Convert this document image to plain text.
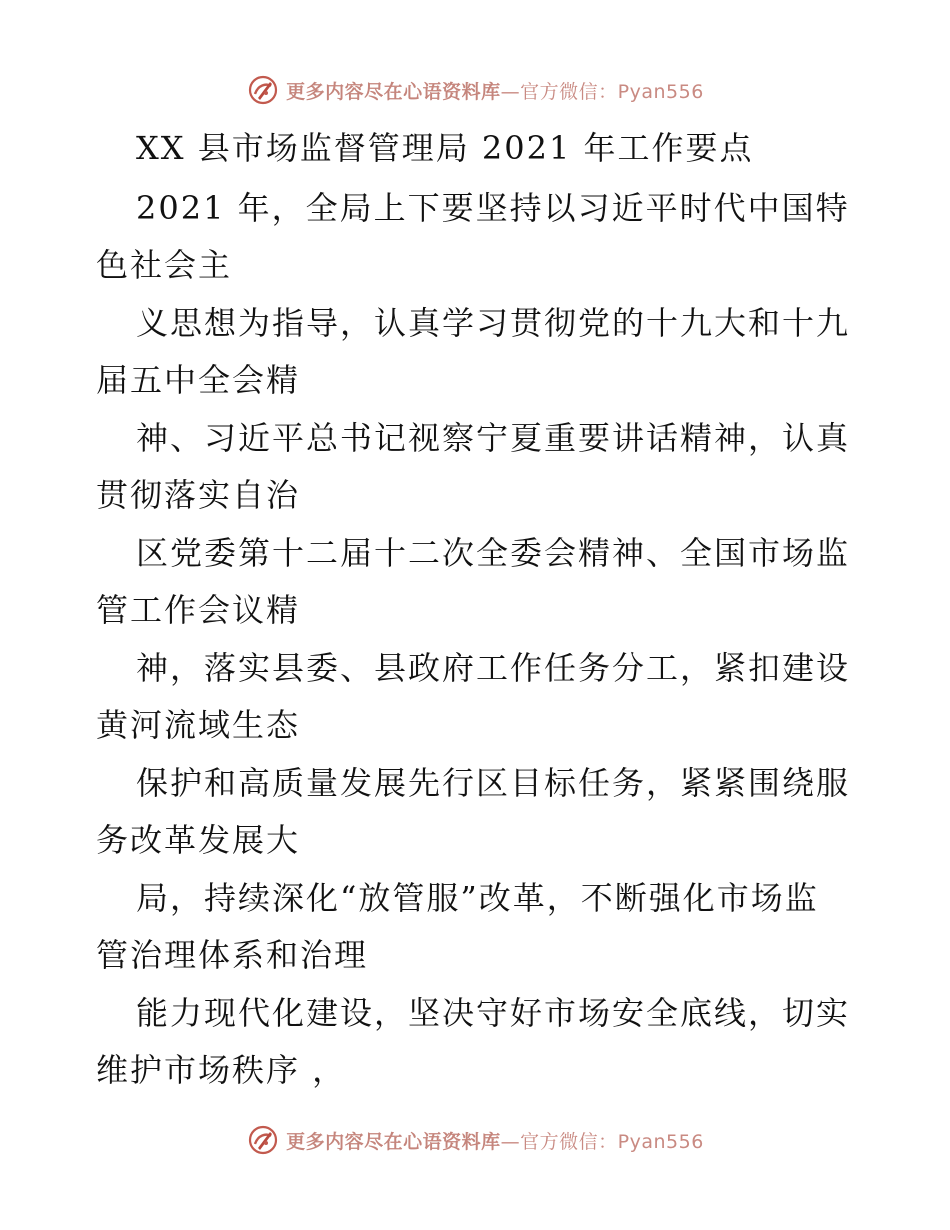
更多内容尽在心语资料库—官方微信：Pyan556
XX 县市场监督管理局 2021 年工作要点
2021 年，全局上下要坚持以习近平时代中国特
色社会主
义思想为指导，认真学习贯彻党的十九大和十九
届五中全会精
神、习近平总书记视察宁夏重要讲话精神，认真
贯彻落实自治
区党委第十二届十二次全委会精神、全国市场监
管工作会议精
神，落实县委、县政府工作任务分工，紧扣建设
黄河流域生态
保护和高质量发展先行区目标任务，紧紧围绕服
务改革发展大
局，持续深化“放管服”改革，不断强化市场监
管治理体系和治理
能力现代化建设，坚决守好市场安全底线，切实
维护市场秩序 ，
更多内容尽在心语资料库—官方微信：Pyan556
